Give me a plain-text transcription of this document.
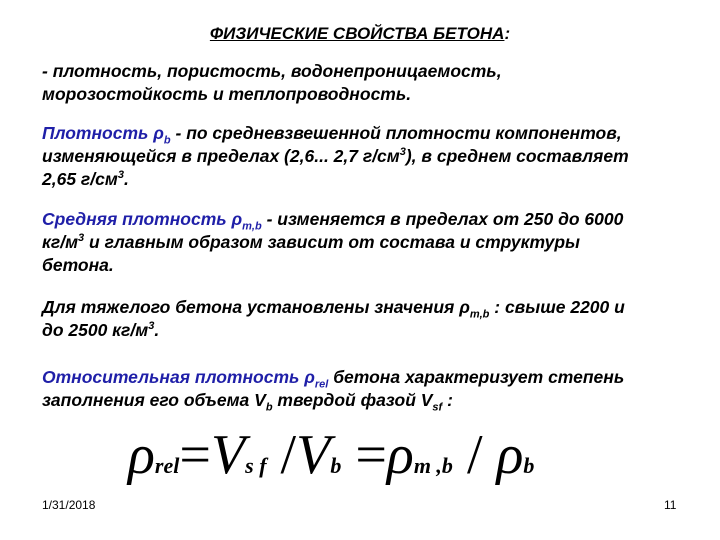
ФИЗИЧЕСКИЕ СВОЙСТВА БЕТОНА:
- плотность, пористость, водонепроницаемость,
морозостойкость и теплопроводность.
Плотность $\rho_b$ - по средневзвешенной плотности компонентов,
изменяющейся в пределах (2,6... 2,7 $г/см^3$), в среднем составляет
2,65 $г/см^3$.
Средняя плотность $\rho_{m,b}$ - изменяется в пределах от 250 до 6000
$кг/м^3$ и главным образом зависит от состава и структуры
бетона.
Для тяжелого бетона установлены значения $\rho_{m,b}$ : свыше 2200 и
до 2500 $кг/м^3$.
Относительная плотность $\rho_{rel}$ бетона характеризует степень
заполнения его объема $V_b$ твердой фазой $V_{sf}$ :
ρrel=Vs f /Vb =ρm ,b / ρb
1/31/2018	11
